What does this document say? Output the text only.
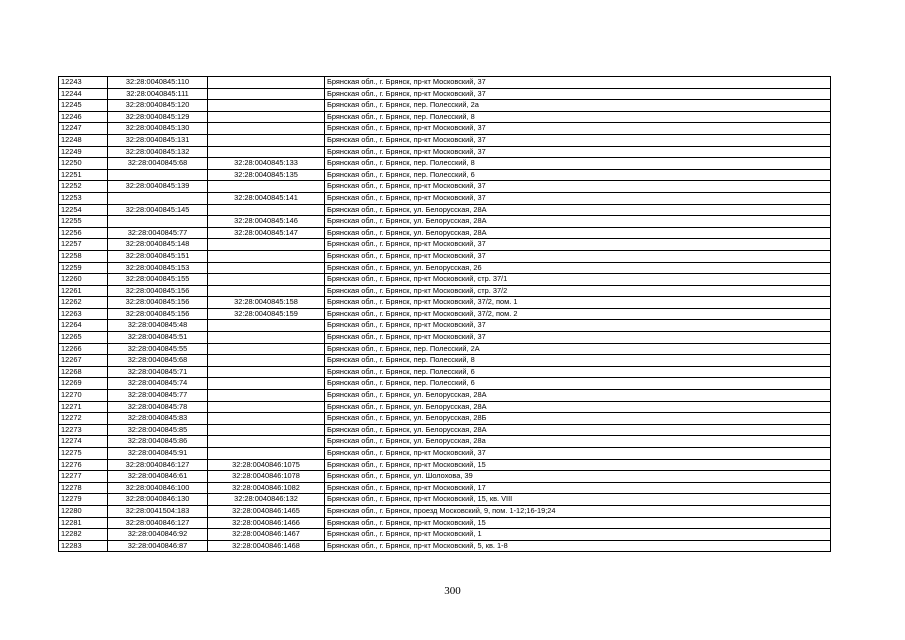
12243	32:28:0040845:110		Брянская обл., г. Брянск, пр-кт Московский, 37
12244	32:28:0040845:111		Брянская обл., г. Брянск, пр-кт Московский, 37
12245	32:28:0040845:120		Брянская обл., г. Брянск, пер. Полесский, 2а
12246	32:28:0040845:129		Брянская обл., г. Брянск, пер. Полесский, 8
12247	32:28:0040845:130		Брянская обл., г. Брянск, пр-кт Московский, 37
12248	32:28:0040845:131		Брянская обл., г. Брянск, пр-кт Московский, 37
12249	32:28:0040845:132		Брянская обл., г. Брянск, пр-кт Московский, 37
12250	32:28:0040845:68	32:28:0040845:133	Брянская обл., г. Брянск, пер. Полесский, 8
12251		32:28:0040845:135	Брянская обл., г. Брянск, пер. Полесский, 6
12252	32:28:0040845:139		Брянская обл., г. Брянск, пр-кт Московский, 37
12253		32:28:0040845:141	Брянская обл., г. Брянск, пр-кт Московский, 37
12254	32:28:0040845:145		Брянская обл., г. Брянск, ул. Белорусская, 28А
12255		32:28:0040845:146	Брянская обл., г. Брянск, ул. Белорусская, 28А
12256	32:28:0040845:77	32:28:0040845:147	Брянская обл., г. Брянск, ул. Белорусская, 28А
12257	32:28:0040845:148		Брянская обл., г. Брянск, пр-кт Московский, 37
12258	32:28:0040845:151		Брянская обл., г. Брянск, пр-кт Московский, 37
12259	32:28:0040845:153		Брянская обл., г. Брянск, ул. Белорусская, 26
12260	32:28:0040845:155		Брянская обл., г. Брянск, пр-кт Московский, стр. 37/1
12261	32:28:0040845:156		Брянская обл., г. Брянск, пр-кт Московский, стр. 37/2
12262	32:28:0040845:156	32:28:0040845:158	Брянская обл., г. Брянск, пр-кт Московский, 37/2, пом. 1
12263	32:28:0040845:156	32:28:0040845:159	Брянская обл., г. Брянск, пр-кт Московский, 37/2, пом. 2
12264	32:28:0040845:48		Брянская обл., г. Брянск, пр-кт Московский, 37
12265	32:28:0040845:51		Брянская обл., г. Брянск, пр-кт Московский, 37
12266	32:28:0040845:55		Брянская обл., г. Брянск, пер. Полесский, 2А
12267	32:28:0040845:68		Брянская обл., г. Брянск, пер. Полесский, 8
12268	32:28:0040845:71		Брянская обл., г. Брянск, пер. Полесский, 6
12269	32:28:0040845:74		Брянская обл., г. Брянск, пер. Полесский, 6
12270	32:28:0040845:77		Брянская обл., г. Брянск, ул. Белорусская, 28А
12271	32:28:0040845:78		Брянская обл., г. Брянск, ул. Белорусская, 28А
12272	32:28:0040845:83		Брянская обл., г. Брянск, ул. Белорусская, 28Б
12273	32:28:0040845:85		Брянская обл., г. Брянск, ул. Белорусская, 28А
12274	32:28:0040845:86		Брянская обл., г. Брянск, ул. Белорусская, 28а
12275	32:28:0040845:91		Брянская обл., г. Брянск, пр-кт Московский, 37
12276	32:28:0040846:127	32:28:0040846:1075	Брянская обл., г. Брянск, пр-кт Московский, 15
12277	32:28:0040846:61	32:28:0040846:1078	Брянская обл., г. Брянск, ул. Шолохова, 39
12278	32:28:0040846:100	32:28:0040846:1082	Брянская обл., г. Брянск, пр-кт Московский, 17
12279	32:28:0040846:130	32:28:0040846:132	Брянская обл., г. Брянск, пр-кт Московский, 15, кв. VIII
12280	32:28:0041504:183	32:28:0040846:1465	Брянская обл., г. Брянск, проезд Московский, 9, пом. 1-12;16-19;24
12281	32:28:0040846:127	32:28:0040846:1466	Брянская обл., г. Брянск, пр-кт Московский, 15
12282	32:28:0040846:92	32:28:0040846:1467	Брянская обл., г. Брянск, пр-кт Московский, 1
12283	32:28:0040846:87	32:28:0040846:1468	Брянская обл., г. Брянск, пр-кт Московский, 5, кв. 1-8
300
